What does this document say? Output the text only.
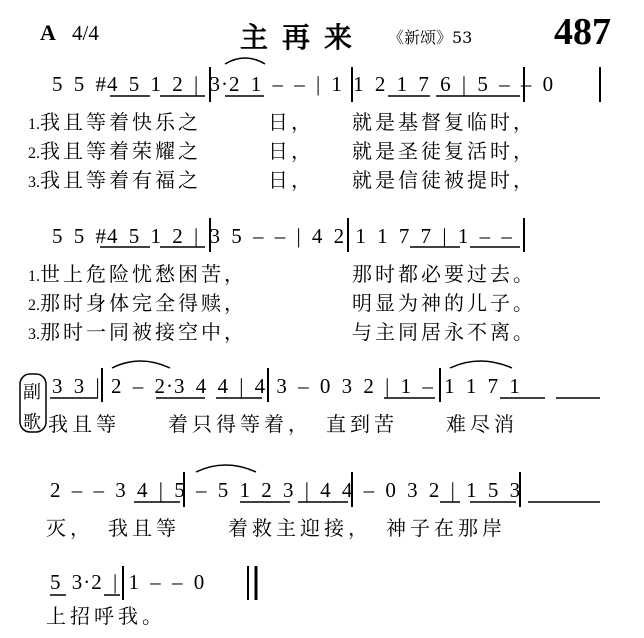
A 4/4	主再来 《新颂》53 487
5 5 #4 5 1 2 | 3·2 1 – – | 1 1 2 1 7 6 | 5 – – 0
1.我且等着快乐之	日， 就是基督复临时，
2.我且等着荣耀之	日， 就是圣徒复活时，
3.我且等着有福之	日， 就是信徒被提时，
5 5 #4 5 1 2 | 3 5 – – | 4 2 1 1 7 7 | 1 – –
1.世上危险忧愁困苦，	那时都必要过去。
2.那时身体完全得赎，	明显为神的儿子。
3.那时一同被接空中，	与主同居永不离。
副
歌
3 3 | 2 – 2·3 4 4 | 4 3 – 0 3 2 | 1 – 1 1 7 1
我且等　　着只得等着，　直到苦　　难尽消
2 – – 3 4 | 5 – 5 1 2 3 | 4 4 – 0 3 2 | 1 5 3
灭，　我且等　　着救主迎接，　神子在那岸
5 3·2 | 1 – – 0
上招呼我。
